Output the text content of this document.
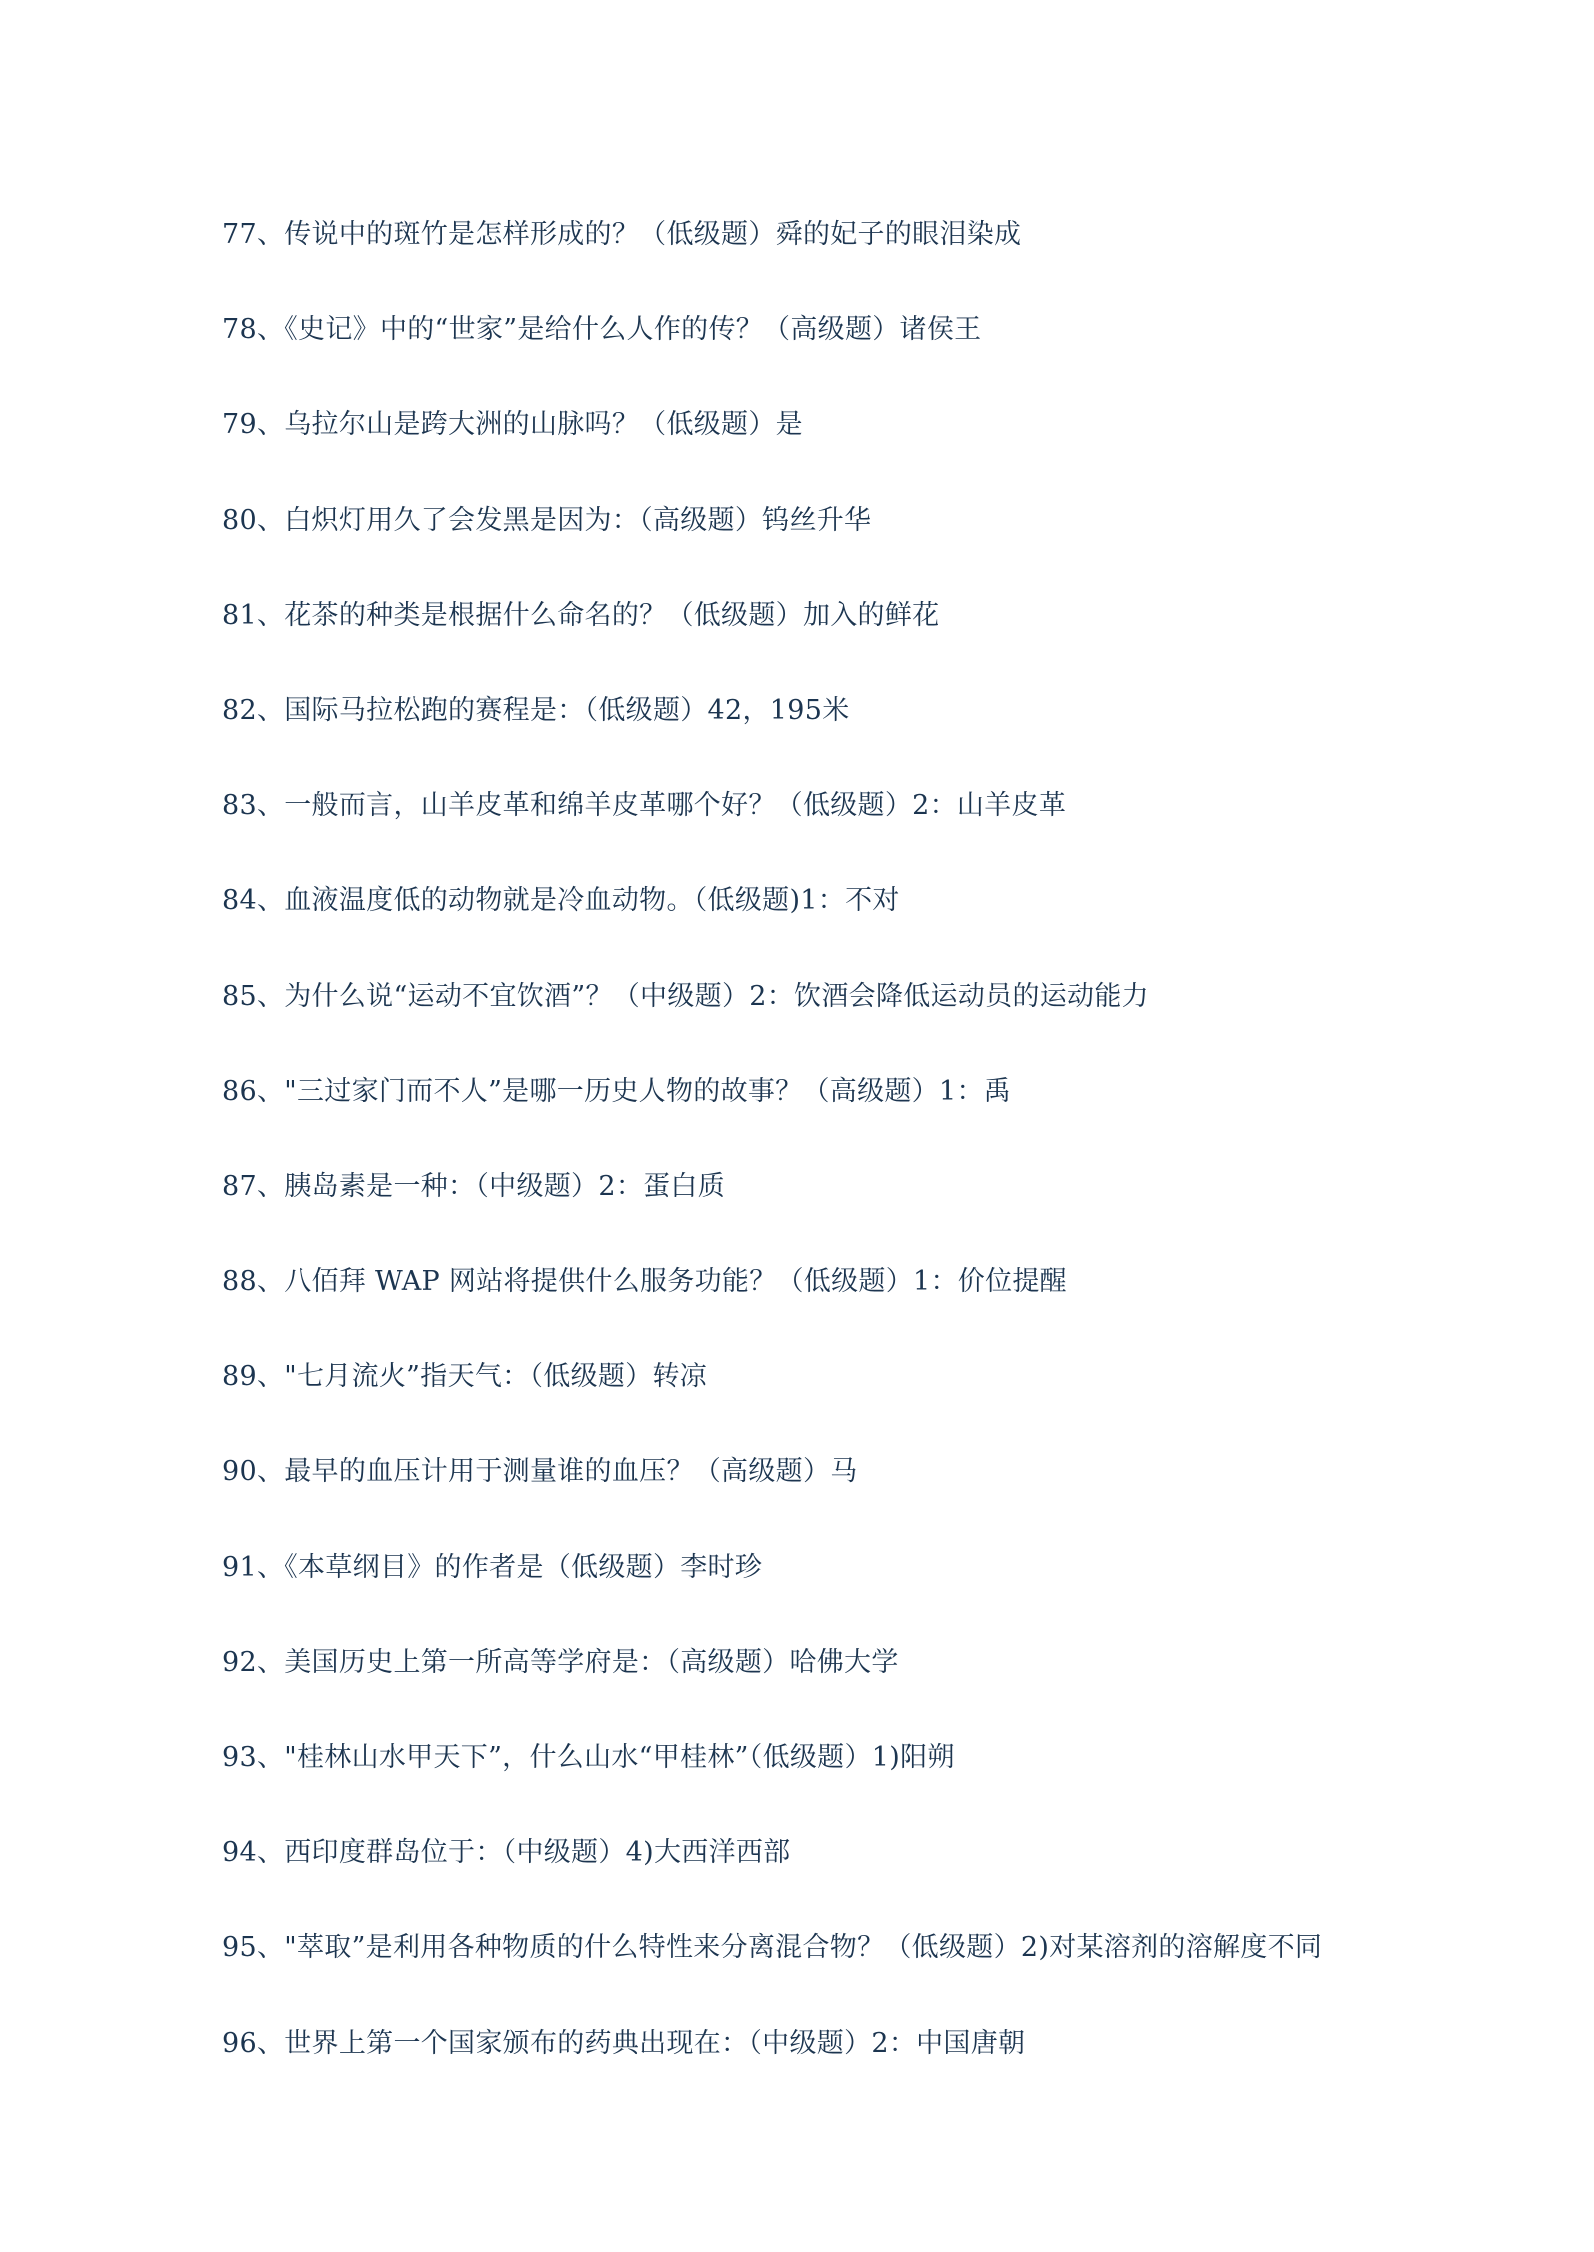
77、传说中的斑竹是怎样形成的？（低级题）舜的妃子的眼泪染成
78、《史记》中的“世家”是给什么人作的传？（高级题）诸侯王
79、乌拉尔山是跨大洲的山脉吗？（低级题）是
80、白炽灯用久了会发黑是因为：（高级题）钨丝升华
81、花茶的种类是根据什么命名的？（低级题）加入的鲜花
82、国际马拉松跑的赛程是：（低级题）42，195米
83、一般而言，山羊皮革和绵羊皮革哪个好？（低级题）2：山羊皮革
84、血液温度低的动物就是冷血动物。（低级题)1：不对
85、为什么说“运动不宜饮酒”？（中级题）2：饮酒会降低运动员的运动能力
86、"三过家门而不人”是哪一历史人物的故事？（高级题）1：禹
87、胰岛素是一种：（中级题）2：蛋白质
88、八佰拜 WAP 网站将提供什么服务功能？（低级题）1：价位提醒
89、"七月流火”指天气：（低级题）转凉
90、最早的血压计用于测量谁的血压？（高级题）马
91、《本草纲目》的作者是（低级题）李时珍
92、美国历史上第一所高等学府是：（高级题）哈佛大学
93、"桂林山水甲天下”，什么山水“甲桂林”（低级题）1)阳朔
94、西印度群岛位于：（中级题）4)大西洋西部
95、"萃取”是利用各种物质的什么特性来分离混合物？（低级题）2)对某溶剂的溶解度不同
96、世界上第一个国家颁布的药典出现在：（中级题）2：中国唐朝
